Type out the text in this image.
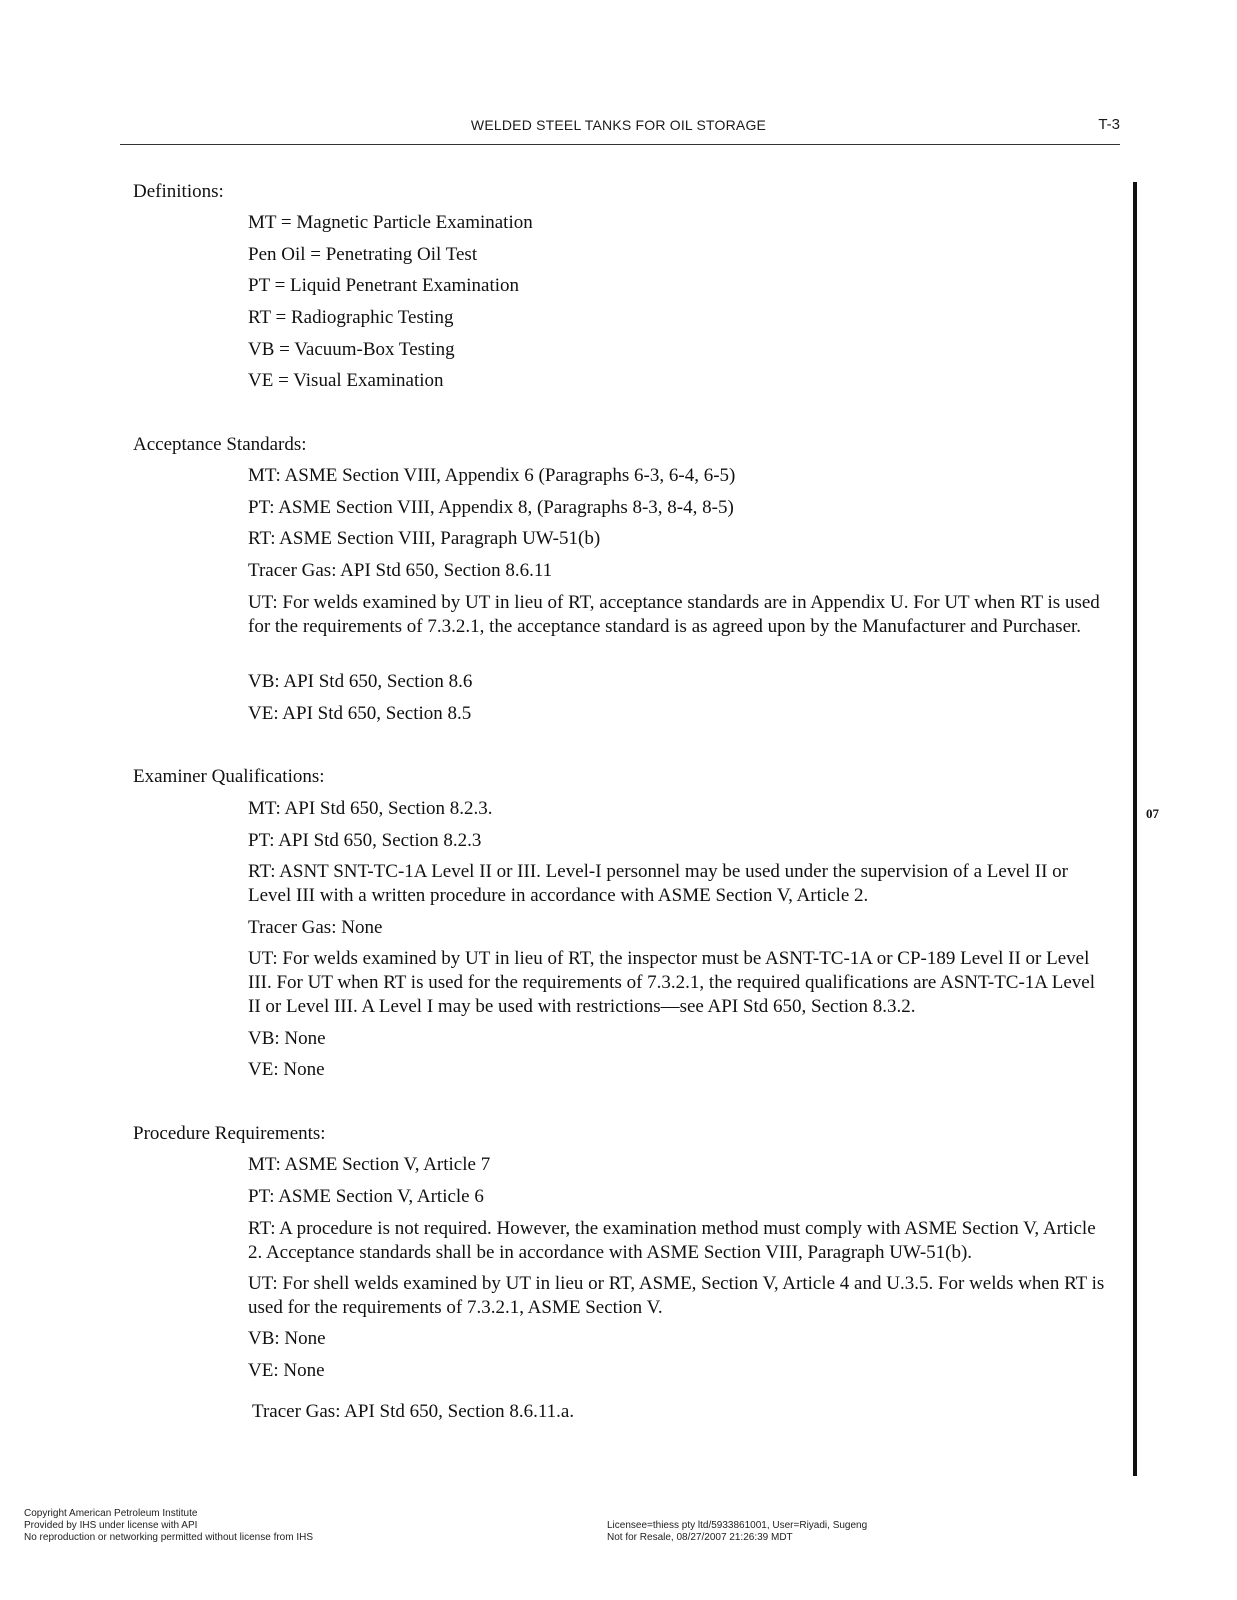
WELDED STEEL TANKS FOR OIL STORAGE	T-3
07
Definitions:
MT = Magnetic Particle Examination
Pen Oil = Penetrating Oil Test
PT = Liquid Penetrant Examination
RT = Radiographic Testing
VB = Vacuum-Box Testing
VE = Visual Examination
Acceptance Standards:
MT: ASME Section VIII, Appendix 6 (Paragraphs 6-3, 6-4, 6-5)
PT: ASME Section VIII, Appendix 8, (Paragraphs 8-3, 8-4, 8-5)
RT: ASME Section VIII, Paragraph UW-51(b)
Tracer Gas: API Std 650, Section 8.6.11
UT: For welds examined by UT in lieu of RT, acceptance standards are in Appendix U. For UT when RT is used for the requirements of 7.3.2.1, the acceptance standard is as agreed upon by the Manufacturer and Purchaser.
VB: API Std 650, Section 8.6
VE: API Std 650, Section 8.5
Examiner Qualifications:
MT: API Std 650, Section 8.2.3.
PT: API Std 650, Section 8.2.3
RT: ASNT SNT-TC-1A Level II or III. Level-I personnel may be used under the supervision of a Level II or Level III with a written procedure in accordance with ASME Section V, Article 2.
Tracer Gas: None
UT: For welds examined by UT in lieu of RT, the inspector must be ASNT-TC-1A or CP-189 Level II or Level III. For UT when RT is used for the requirements of 7.3.2.1, the required qualifications are ASNT-TC-1A Level II or Level III. A Level I may be used with restrictions—see API Std 650, Section 8.3.2.
VB: None
VE: None
Procedure Requirements:
MT: ASME Section V, Article 7
PT: ASME Section V, Article 6
RT: A procedure is not required. However, the examination method must comply with ASME Section V, Article 2. Acceptance standards shall be in accordance with ASME Section VIII, Paragraph UW-51(b).
UT: For shell welds examined by UT in lieu or RT, ASME, Section V, Article 4 and U.3.5. For welds when RT is used for the requirements of 7.3.2.1, ASME Section V.
VB: None
VE: None
Tracer Gas: API Std 650, Section 8.6.11.a.
Copyright American Petroleum Institute
Provided by IHS under license with API
No reproduction or networking permitted without license from IHS
Licensee=thiess pty ltd/5933861001, User=Riyadi, Sugeng
Not for Resale, 08/27/2007 21:26:39 MDT
